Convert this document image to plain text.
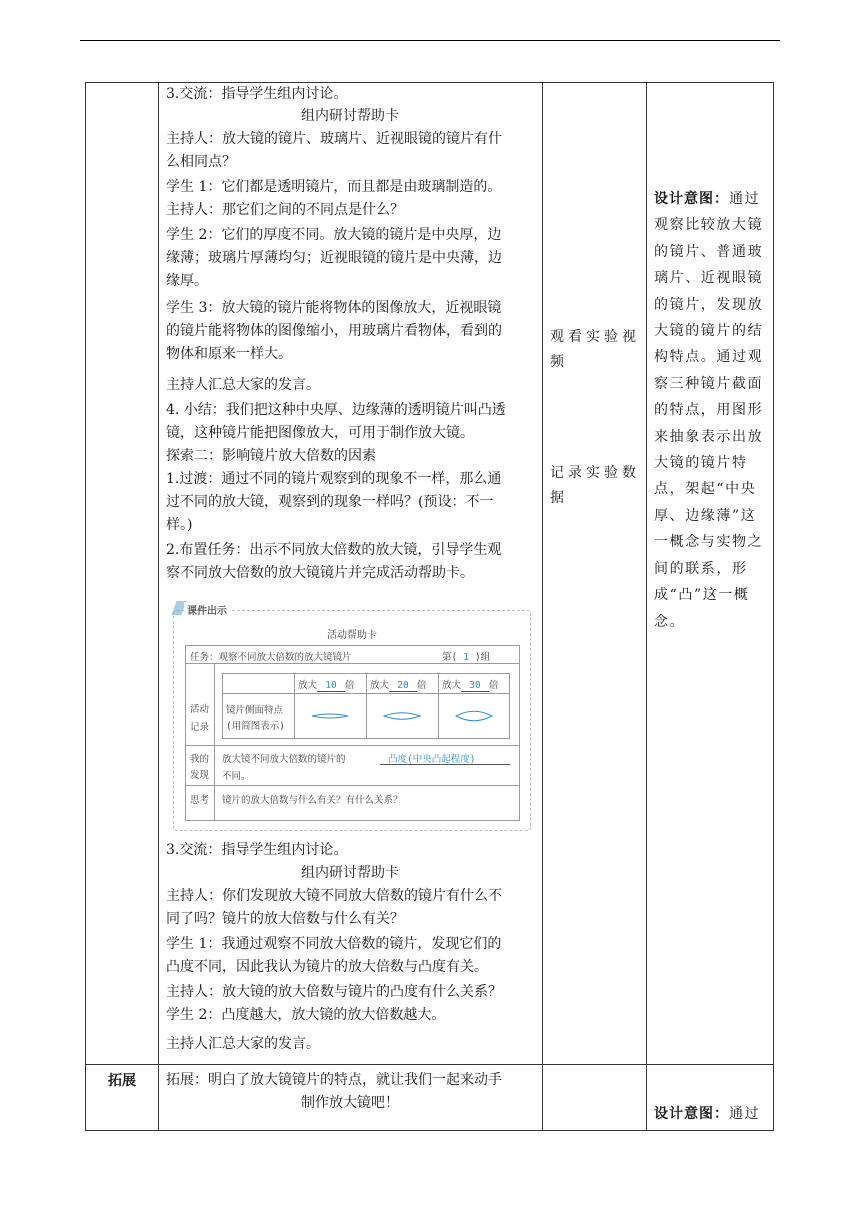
3.交流：指导学生组内讨论。
组内研讨帮助卡
主持人：放大镜的镜片、玻璃片、近视眼镜的镜片有什
么相同点？
学生 1：它们都是透明镜片，而且都是由玻璃制造的。
主持人：那它们之间的不同点是什么？
学生 2：它们的厚度不同。放大镜的镜片是中央厚，边
缘薄；玻璃片厚薄均匀；近视眼镜的镜片是中央薄，边
缘厚。
学生 3：放大镜的镜片能将物体的图像放大，近视眼镜
的镜片能将物体的图像缩小，用玻璃片看物体，看到的
物体和原来一样大。
主持人汇总大家的发言。
4. 小结：我们把这种中央厚、边缘薄的透明镜片叫凸透
镜，这种镜片能把图像放大，可用于制作放大镜。
探索二：影响镜片放大倍数的因素
1.过渡：通过不同的镜片观察到的现象不一样，那么通
过不同的放大镜，观察到的现象一样吗？(预设：不一
样。)
2.布置任务：出示不同放大倍数的放大镜，引导学生观
察不同放大倍数的放大镜镜片并完成活动帮助卡。
3.交流：指导学生组内讨论。
组内研讨帮助卡
主持人：你们发现放大镜不同放大倍数的镜片有什么不
同了吗？镜片的放大倍数与什么有关？
学生 1：我通过观察不同放大倍数的镜片，发现它们的
凸度不同，因此我认为镜片的放大倍数与凸度有关。
主持人：放大镜的放大倍数与镜片的凸度有什么关系？
学生 2：凸度越大，放大镜的放大倍数越大。
主持人汇总大家的发言。
拓展：明白了放大镜镜片的特点，就让我们一起来动手
制作放大镜吧！
拓展
观看实验视频
记录实验数据
设计意图：通过观察比较放大镜的镜片、普通玻璃片、近视眼镜的镜片，发现放大镜的镜片的结构特点。通过观察三种镜片截面的特点，用图形来抽象表示出放大镜的镜片特点，架起“中央厚、边缘薄”这一概念与实物之间的联系，形成“凸”这一概念。
设计意图：通过
课件出示
活动帮助卡
任务：观察不同放大倍数的放大镜镜片	第( 1 )组
活动
记录
放大 10 倍 放大 20 倍 放大 30 倍
镜片侧面特点
(用简图表示)
我的
发现
放大镜不同放大倍数的镜片的	凸度(中央凸起程度)
不同。
思考 镜片的放大倍数与什么有关？有什么关系？
